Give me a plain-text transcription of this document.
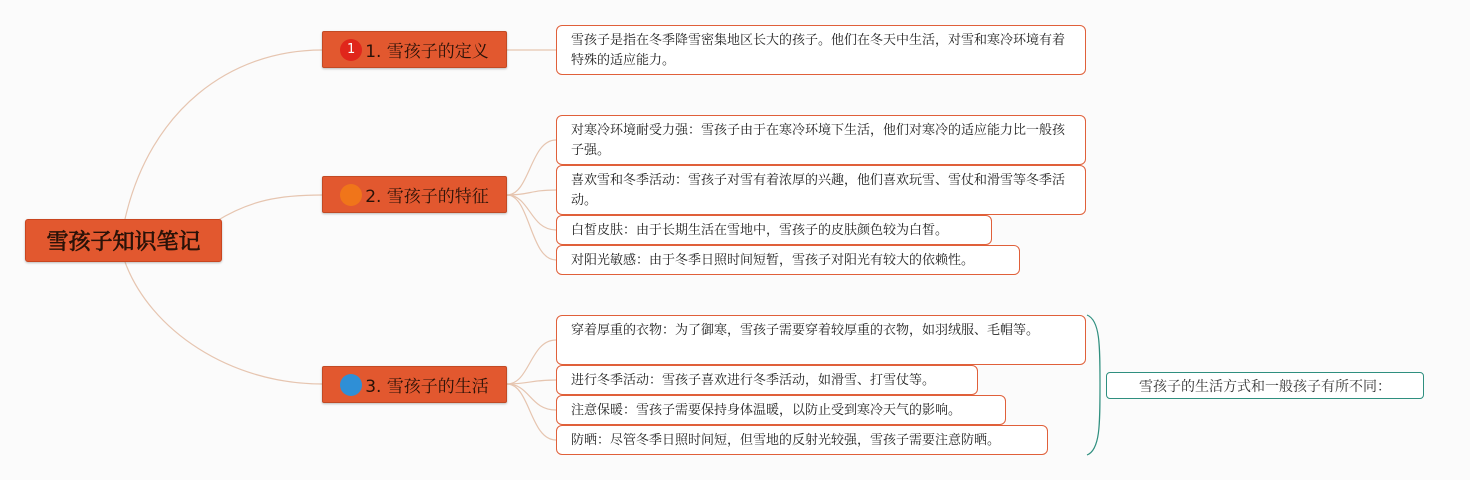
雪孩子知识笔记
1 1. 雪孩子的定义
2. 雪孩子的特征
3. 雪孩子的生活
雪孩子是指在冬季降雪密集地区长大的孩子。他们在冬天中生活，对雪和寒冷环境有着特殊的适应能力。
对寒冷环境耐受力强：雪孩子由于在寒冷环境下生活，他们对寒冷的适应能力比一般孩子强。
喜欢雪和冬季活动：雪孩子对雪有着浓厚的兴趣，他们喜欢玩雪、雪仗和滑雪等冬季活动。
白皙皮肤：由于长期生活在雪地中，雪孩子的皮肤颜色较为白皙。
对阳光敏感：由于冬季日照时间短暂，雪孩子对阳光有较大的依赖性。
穿着厚重的衣物：为了御寒，雪孩子需要穿着较厚重的衣物，如羽绒服、毛帽等。
进行冬季活动：雪孩子喜欢进行冬季活动，如滑雪、打雪仗等。
注意保暖：雪孩子需要保持身体温暖，以防止受到寒冷天气的影响。
防晒：尽管冬季日照时间短，但雪地的反射光较强，雪孩子需要注意防晒。
雪孩子的生活方式和一般孩子有所不同：
